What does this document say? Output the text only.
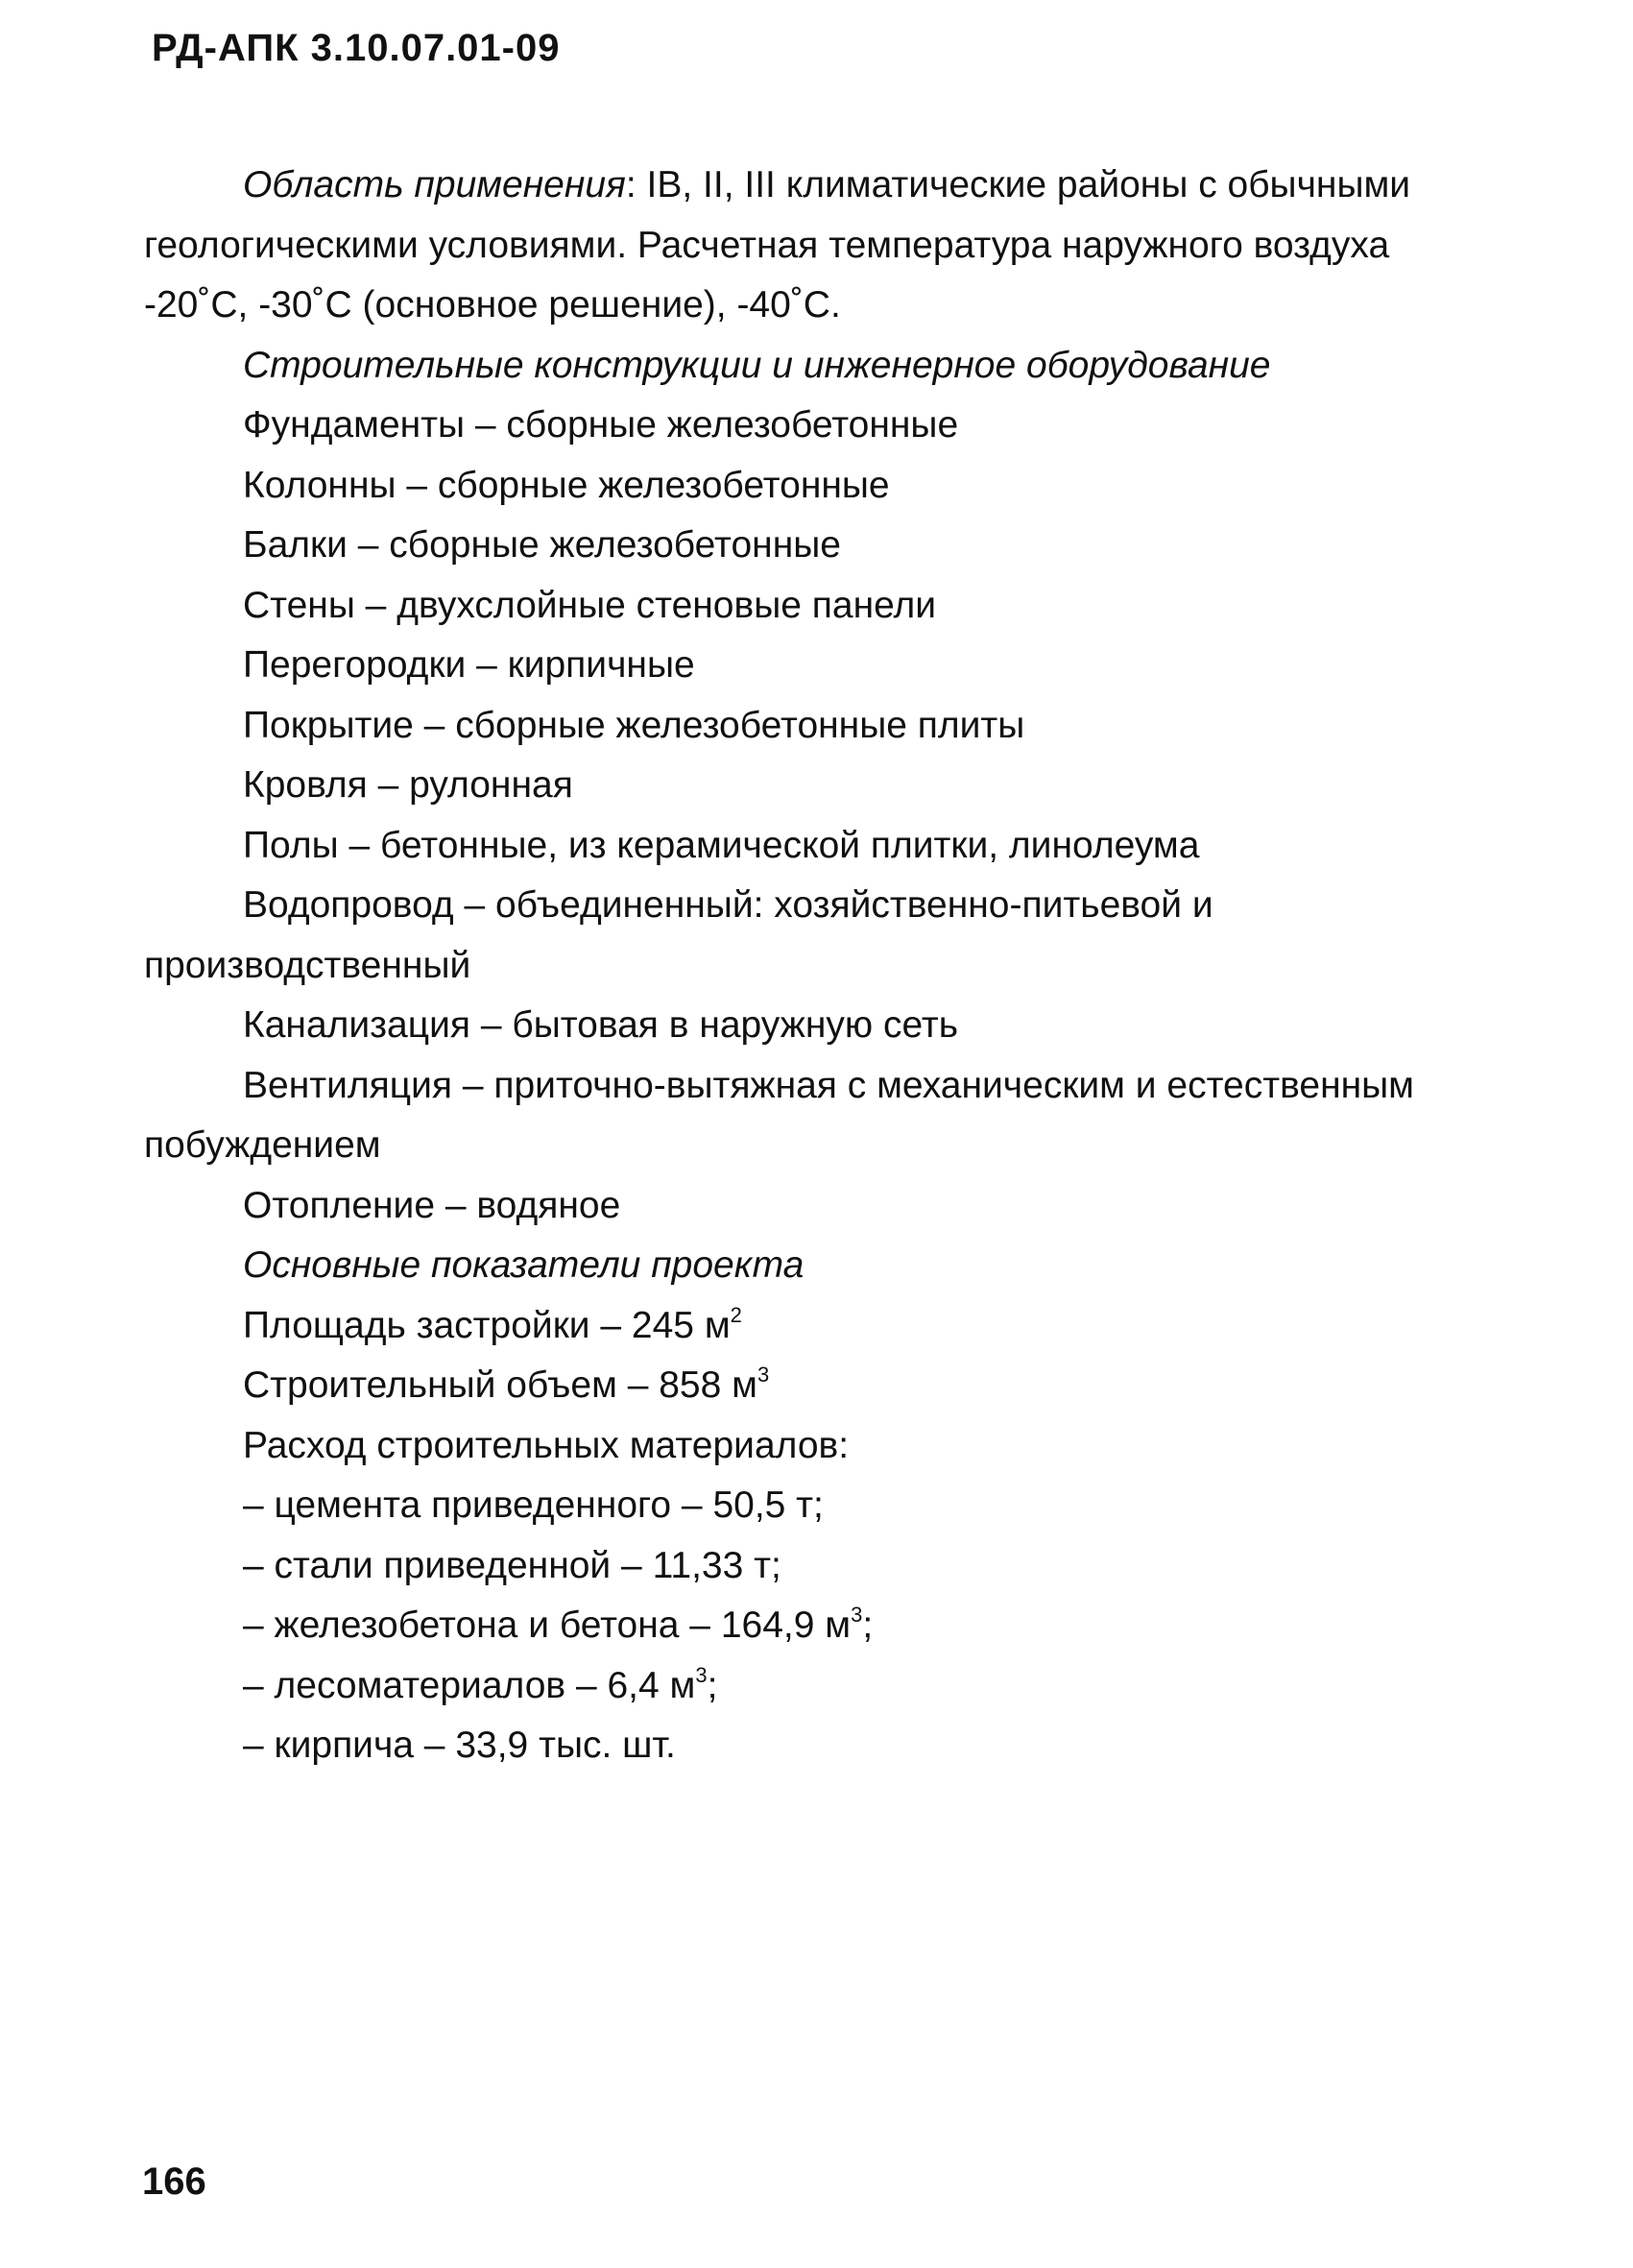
РД-АПК 3.10.07.01-09

Область применения: IB, II, III климатические районы с обычными геологическими условиями. Расчетная температура наружного воздуха -20˚С, -30˚С (основное решение), -40˚С.

Строительные конструкции и инженерное оборудование

Фундаменты – сборные железобетонные

Колонны – сборные железобетонные

Балки – сборные железобетонные

Стены – двухслойные стеновые панели

Перегородки – кирпичные

Покрытие – сборные железобетонные плиты

Кровля – рулонная

Полы – бетонные, из керамической плитки, линолеума

Водопровод – объединенный: хозяйственно-питьевой и производственный

Канализация – бытовая в наружную сеть

Вентиляция – приточно-вытяжная с механическим и естественным побуждением

Отопление – водяное

Основные показатели проекта

Площадь застройки – 245 $м^2$

Строительный объем – 858 $м^3$

Расход строительных материалов:

– цемента приведенного – 50,5 т;

– стали приведенной – 11,33 т;

– железобетона и бетона – 164,9 $м^3$;

– лесоматериалов – 6,4 $м^3$;

– кирпича – 33,9 тыс. шт.

166
